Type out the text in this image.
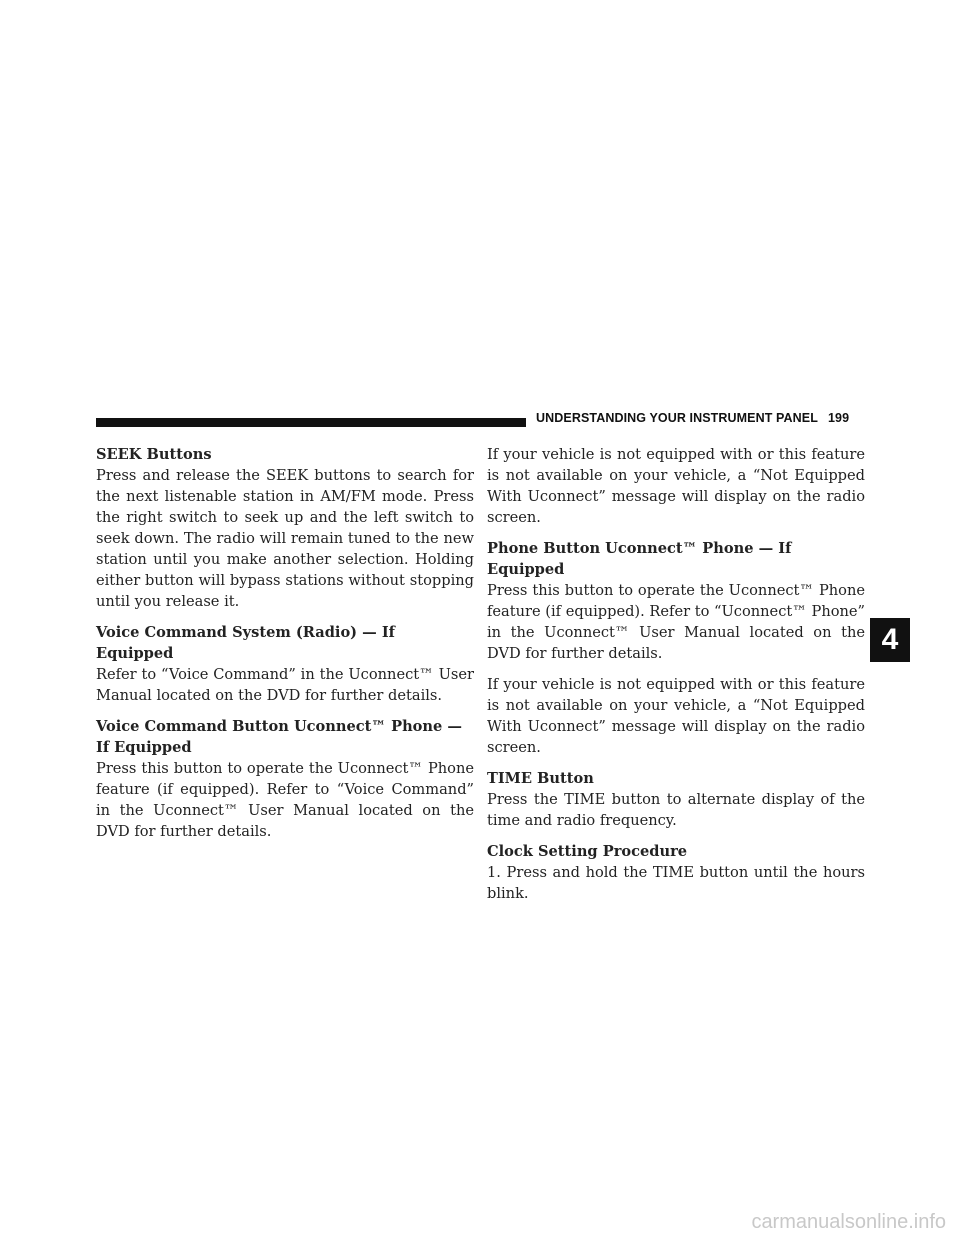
UNDERSTANDING YOUR INSTRUMENT PANEL 199
SEEK Buttons

Press and release the SEEK buttons to search for the next listenable station in AM/FM mode. Press the right switch to seek up and the left switch to seek down. The radio will remain tuned to the new station until you make another selection. Holding either button will bypass stations without stopping until you release it.

Voice Command System (Radio) — If Equipped

Refer to “Voice Command” in the Uconnect™ User Manual located on the DVD for further details.

Voice Command Button Uconnect™ Phone — If Equipped

Press this button to operate the Uconnect™ Phone feature (if equipped). Refer to “Voice Command” in the Uconnect™ User Manual located on the DVD for further details.

If your vehicle is not equipped with or this feature is not available on your vehicle, a “Not Equipped With Uconnect” message will display on the radio screen.

Phone Button Uconnect™ Phone — If Equipped

Press this button to operate the Uconnect™ Phone feature (if equipped). Refer to “Uconnect™ Phone” in the Uconnect™ User Manual located on the DVD for further details.

If your vehicle is not equipped with or this feature is not available on your vehicle, a “Not Equipped With Uconnect” message will display on the radio screen.

TIME Button

Press the TIME button to alternate display of the time and radio frequency.

Clock Setting Procedure

1. Press and hold the TIME button until the hours blink.

4
carmanualsonline.info
